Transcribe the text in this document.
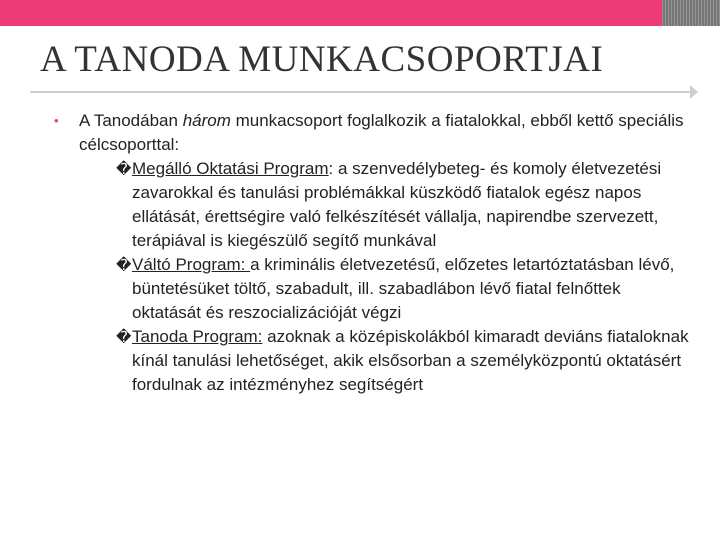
A TANODA MUNKACSOPORTJAI
• A Tanodában három munkacsoport foglalkozik a fiatalokkal, ebből kettő speciális célcsoporttal:
�Megálló Oktatási Program: a szenvedélybeteg- és komoly életvezetési zavarokkal és tanulási problémákkal küszködő fiatalok egész napos ellátását, érettségire való felkészítését vállalja, napirendbe szervezett, terápiával is kiegészülő segítő munkával
�Váltó Program: a kriminális életvezetésű, előzetes letartóztatásban lévő, büntetésüket töltő, szabadult, ill. szabadlábon lévő fiatal felnőttek oktatását és reszocializációját végzi
�Tanoda Program: azoknak a középiskolákból kimaradt deviáns fiataloknak kínál tanulási lehetőséget, akik elsősorban a személyközpontú oktatásért fordulnak az intézményhez segítségért
